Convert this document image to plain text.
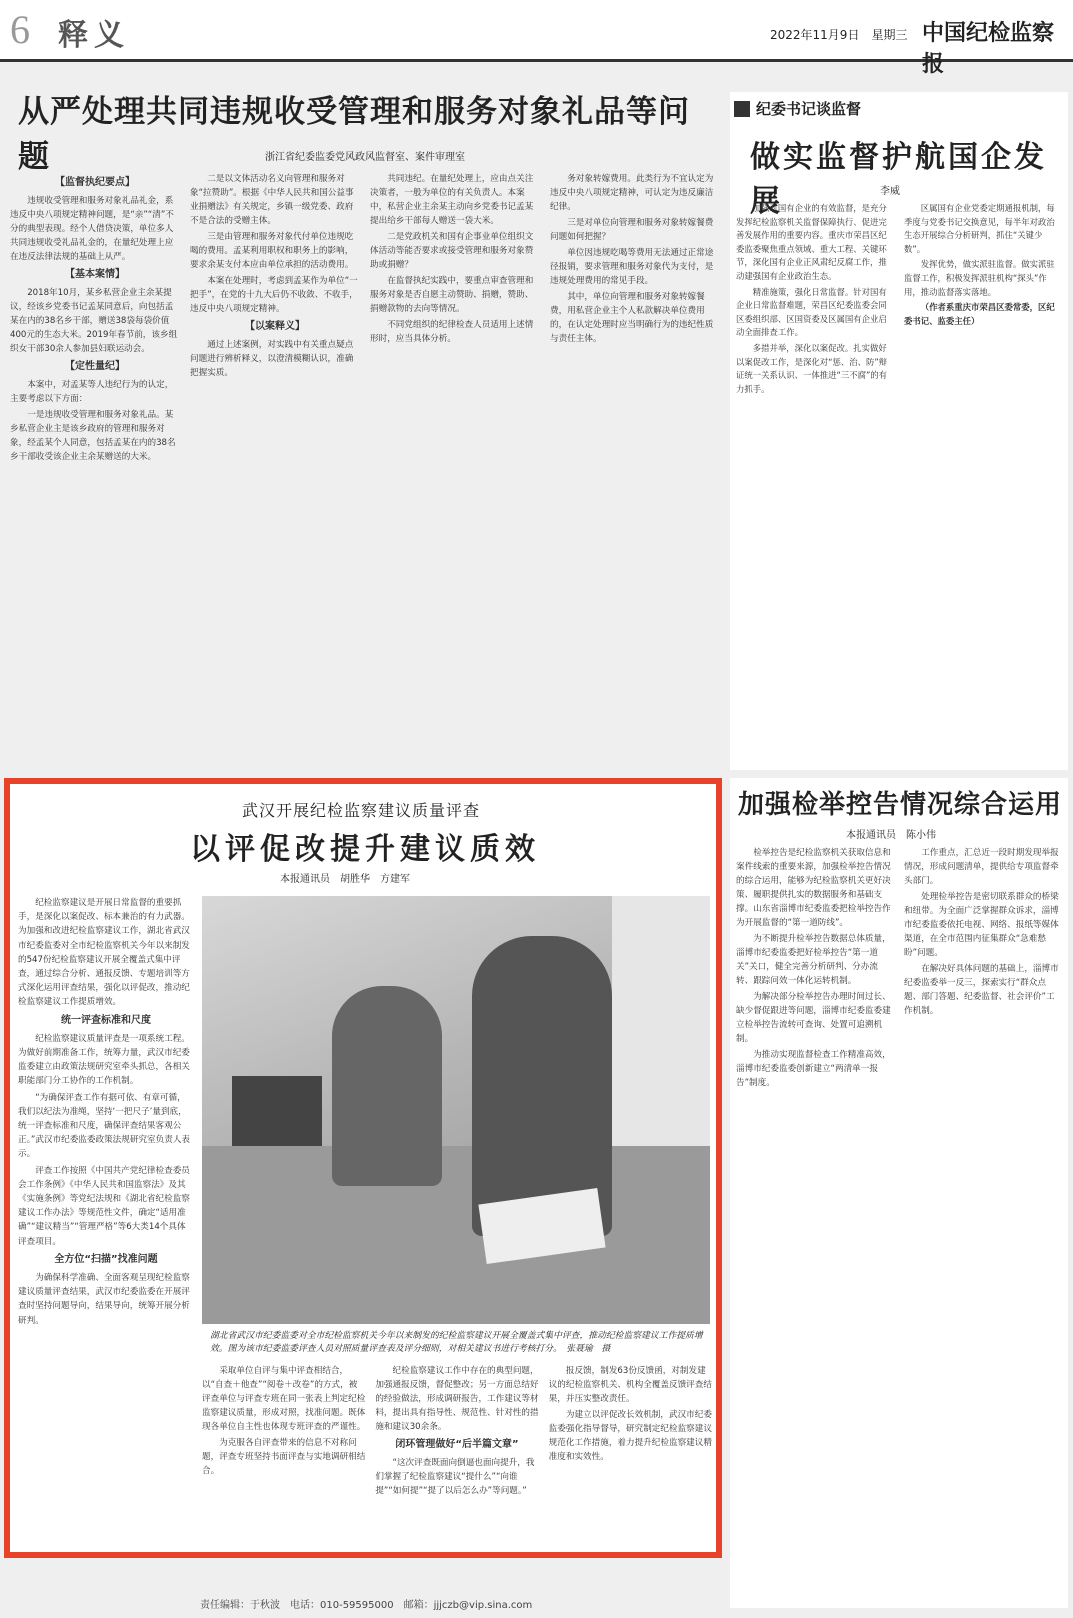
6 释义	2022年11月9日　星期三 中国纪检监察报
从严处理共同违规收受管理和服务对象礼品等问题	浙江省纪委监委党风政风监督室、案件审理室
【监督执纪要点】

违规收受管理和服务对象礼品礼金，系违反中央八项规定精神问题，是“亲”“清”不分的典型表现。经个人借贷决策，单位多人共同违规收受礼品礼金的，在量纪处理上应在违反法律法规的基础上从严。

【基本案情】

2018年10月，某乡私营企业主余某提议，经该乡党委书记孟某同意后，向包括孟某在内的38名乡干部，赠送38袋每袋价值400元的生态大米。2019年春节前，该乡组织女干部30余人参加县妇联运动会。

【定性量纪】

本案中，对孟某等人违纪行为的认定，主要考虑以下方面：

一是违规收受管理和服务对象礼品。某乡私营企业主是该乡政府的管理和服务对象，经孟某个人同意，包括孟某在内的38名乡干部收受该企业主余某赠送的大米。

二是以文体活动名义向管理和服务对象“拉赞助”。根据《中华人民共和国公益事业捐赠法》有关规定，乡镇一级党委、政府不是合法的受赠主体。

三是由管理和服务对象代付单位违规吃喝的费用。孟某利用职权和职务上的影响，要求余某支付本应由单位承担的活动费用。

本案在处理时，考虑到孟某作为单位“一把手”，在党的十九大后仍不收敛、不收手，违反中央八项规定精神。

【以案释义】

通过上述案例，对实践中有关重点疑点问题进行辨析释义，以澄清模糊认识，准确把握实质。

共同违纪。在量纪处理上，应由点关注决策者，一般为单位的有关负责人。本案中，私营企业主余某主动向乡党委书记孟某提出给乡干部每人赠送一袋大米。

二是党政机关和国有企事业单位组织文体活动等能否要求或接受管理和服务对象赞助或捐赠？

在监督执纪实践中，要重点审查管理和服务对象是否自愿主动赞助、捐赠，赞助、捐赠款物的去向等情况。

不同党组织的纪律检查人员适用上述情形时，应当具体分析。

务对象转嫁费用。此类行为不宜认定为违反中央八项规定精神，可认定为违反廉洁纪律。

三是对单位向管理和服务对象转嫁餐费问题如何把握？

单位因违规吃喝等费用无法通过正常途径报销，要求管理和服务对象代为支付，是违规处理费用的常见手段。

其中，单位向管理和服务对象转嫁餐费，用私营企业主个人私款解决单位费用的，在认定处理时应当明确行为的违纪性质与责任主体。

纪委书记谈监督
做实监督护航国企发展	李威

加强对国有企业的有效监督，是充分发挥纪检监察机关监督保障执行、促进完善发展作用的重要内容。重庆市荣昌区纪委监委聚焦重点领域、重大工程、关键环节，深化国有企业正风肃纪反腐工作，推动建强国有企业政治生态。

精准施策，强化日常监督。针对国有企业日常监督难题，荣昌区纪委监委会同区委组织部、区国资委及区属国有企业启动全面排查工作。

多措并举，深化以案促改。扎实做好以案促改工作，是深化对“惩、治、防”辩证统一关系认识、一体推进“三不腐”的有力抓手。

区属国有企业党委定期通报机制，每季度与党委书记交换意见，每半年对政治生态开展综合分析研判，抓住“关键少数”。

发挥优势，做实派驻监督。做实派驻监督工作，积极发挥派驻机构“探头”作用，推动监督落实落地。

（作者系重庆市荣昌区委常委，区纪委书记、监委主任）

加强检举控告情况综合运用
本报通讯员　陈小伟

检举控告是纪检监察机关获取信息和案件线索的重要来源，加强检举控告情况的综合运用，能够为纪检监察机关更好决策、履职提供扎实的数据服务和基础支撑。山东省淄博市纪委监委把检举控告作为开展监督的“第一道防线”。

为不断提升检举控告数据总体质量，淄博市纪委监委把好检举控告“第一道关”关口，健全完善分析研判、分办流转、跟踪问效一体化运转机制。

为解决部分检举控告办理时间过长、缺少督促跟进等问题，淄博市纪委监委建立检举控告流转可查询、处置可追溯机制。

为推动实现监督检查工作精准高效，淄博市纪委监委创新建立“两清单一报告”制度。

工作重点，汇总近一段时期发现举报情况，形成问题清单，提供给专项监督牵头部门。

处理检举控告是密切联系群众的桥梁和纽带。为全面广泛掌握群众诉求，淄博市纪委监委依托电视、网络、报纸等媒体渠道，在全市范围内征集群众“急难愁盼”问题。

在解决好具体问题的基础上，淄博市纪委监委举一反三，探索实行“群众点题、部门答题、纪委监督、社会评价”工作机制。

武汉开展纪检监察建议质量评查
以评促改提升建议质效
本报通讯员　胡胜华　方建军

纪检监察建议是开展日常监督的重要抓手，是深化以案促改、标本兼治的有力武器。为加强和改进纪检监察建议工作，湖北省武汉市纪委监委对全市纪检监察机关今年以来制发的547份纪检监察建议开展全覆盖式集中评查，通过综合分析、通报反馈、专题培训等方式深化运用评查结果，强化以评促改，推动纪检监察建议工作提质增效。

统一评查标准和尺度

纪检监察建议质量评查是一项系统工程。为做好前期准备工作，统筹力量，武汉市纪委监委建立由政策法规研究室牵头抓总，各相关职能部门分工协作的工作机制。

“为确保评查工作有据可依、有章可循，我们以纪法为准绳，坚持‘一把尺子’量到底，统一评查标准和尺度，确保评查结果客观公正。”武汉市纪委监委政策法规研究室负责人表示。

评查工作按照《中国共产党纪律检查委员会工作条例》《中华人民共和国监察法》及其《实施条例》等党纪法规和《湖北省纪检监察建议工作办法》等规范性文件，确定“适用准确”“建议精当”“管理严格”等6大类14个具体评查项目。

全方位“扫描”找准问题

为确保科学准确、全面客观呈现纪检监察建议质量评查结果，武汉市纪委监委在开展评查时坚持问题导向，结果导向，统筹开展分析研判。

湖北省武汉市纪委监委对全市纪检监察机关今年以来制发的纪检监察建议开展全覆盖式集中评查，推动纪检监察建议工作提质增效。图为该市纪委监委评查人员对照质量评查表及评分细则，对相关建议书进行考核打分。　张聂瑜　摄

采取单位自评与集中评查相结合，以“自查＋他查”“阅卷＋改卷”的方式，被评查单位与评查专班在同一张表上判定纪检监察建议质量，形成对照，找准问题。既体现各单位自主性也体现专班评查的严谨性。

为克服各自评查带来的信息不对称问题，评查专班坚持书面评查与实地调研相结合。

纪检监察建议工作中存在的典型问题，加强通报反馈，督促整改；另一方面总结好的经验做法，形成调研报告，工作建议等材料，提出具有指导性、规范性、针对性的措施和建议30余条。

闭环管理做好“后半篇文章”

“这次评查既面向倒逼也面向提升，我们掌握了纪检监察建议“提什么”“向谁提”“如何提”“提了以后怎么办”等问题。”

报反馈，制发63份反馈函，对制发建议的纪检监察机关、机构全覆盖反馈评查结果，并压实整改责任。

为建立以评促改长效机制，武汉市纪委监委强化指导督导，研究制定纪检监察建议规范化工作措施，着力提升纪检监察建议精准度和实效性。

责任编辑：于秋波　电话：010-59595000　邮箱：jjjczb@vip.sina.com
